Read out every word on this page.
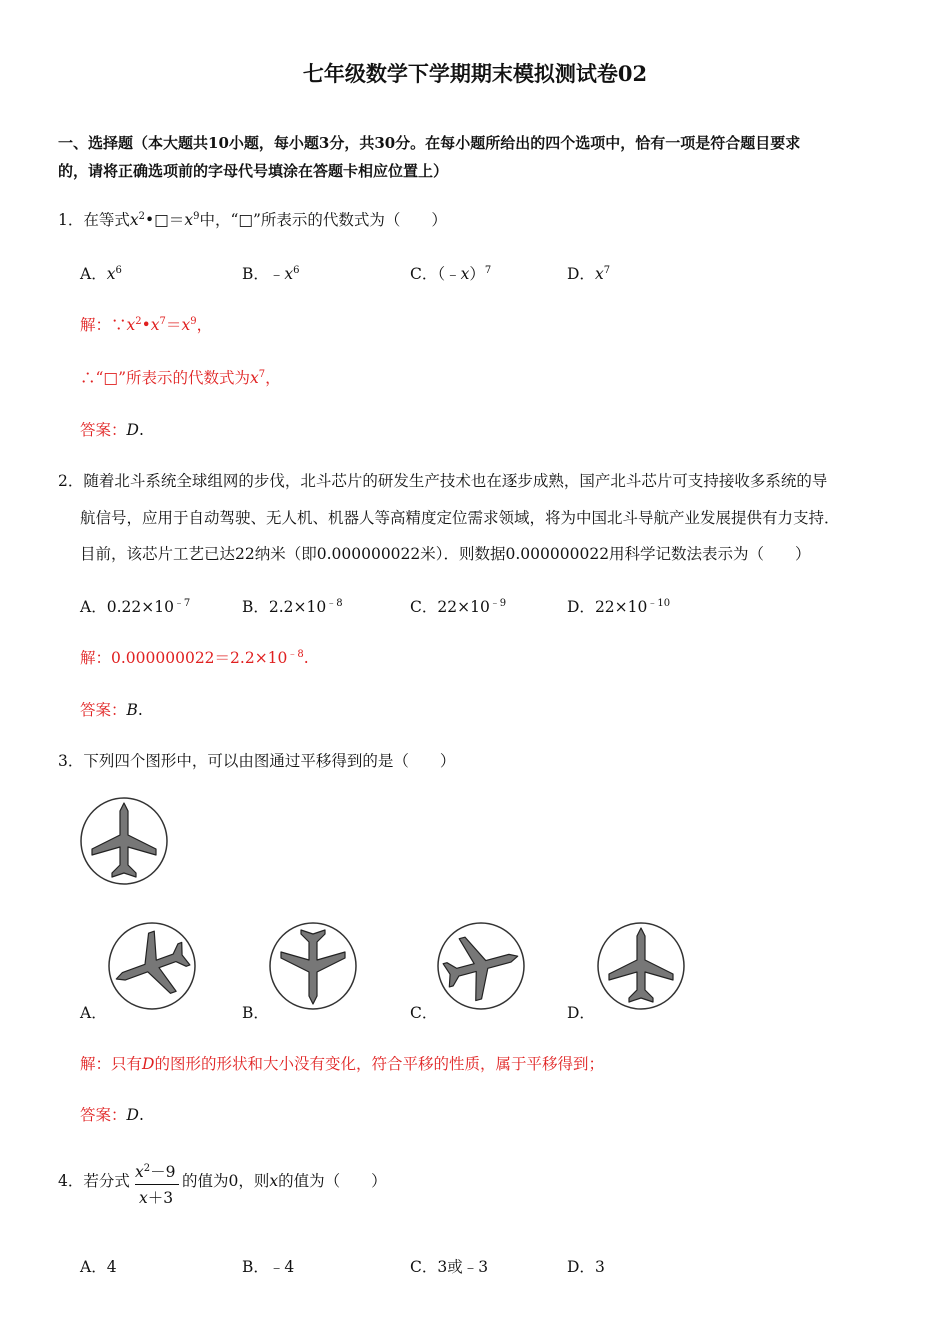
七年级数学下学期期末模拟测试卷02
一、选择题（本大题共10小题，每小题3分，共30分。在每小题所给出的四个选项中，恰有一项是符合题目要求
的，请将正确选项前的字母代号填涂在答题卡相应位置上）
1．在等式$x^2•□=x^9$中，“□”所表示的代数式为（　　）
A．$x^6$	B．$﹣x^6$	C．（﹣x）$^7$	D．$x^7$
解：$\because x^2•x^7=x^9$，
∴“□”所表示的代数式为$x^7$，
答案：D.
2．随着北斗系统全球组网的步伐，北斗芯片的研发生产技术也在逐步成熟，国产北斗芯片可支持接收多系统的导
航信号，应用于自动驾驶、无人机、机器人等高精度定位需求领域，将为中国北斗导航产业发展提供有力支持．
目前，该芯片工艺已达22纳米（即0.000000022米）．则数据0.000000022用科学记数法表示为（　　）
A．$0.22\times 10^{﹣7}$	B．$2.2\times 10^{﹣8}$	C．$22\times 10^{﹣9}$	D．$22\times 10^{﹣10}$
解：$0.000000022=2.2\times 10^{﹣8}$.
答案：B.
3．下列四个图形中，可以由图通过平移得到的是（　　）
A．	B．	C．	D．
解：只有D的图形的形状和大小没有变化，符合平移的性质，属于平移得到；
答案：D.
4．若分式 $x^2-9$
x＋3
的值为0，则x的值为（　　）
A．4	B．﹣4	C．3或﹣3	D．3
